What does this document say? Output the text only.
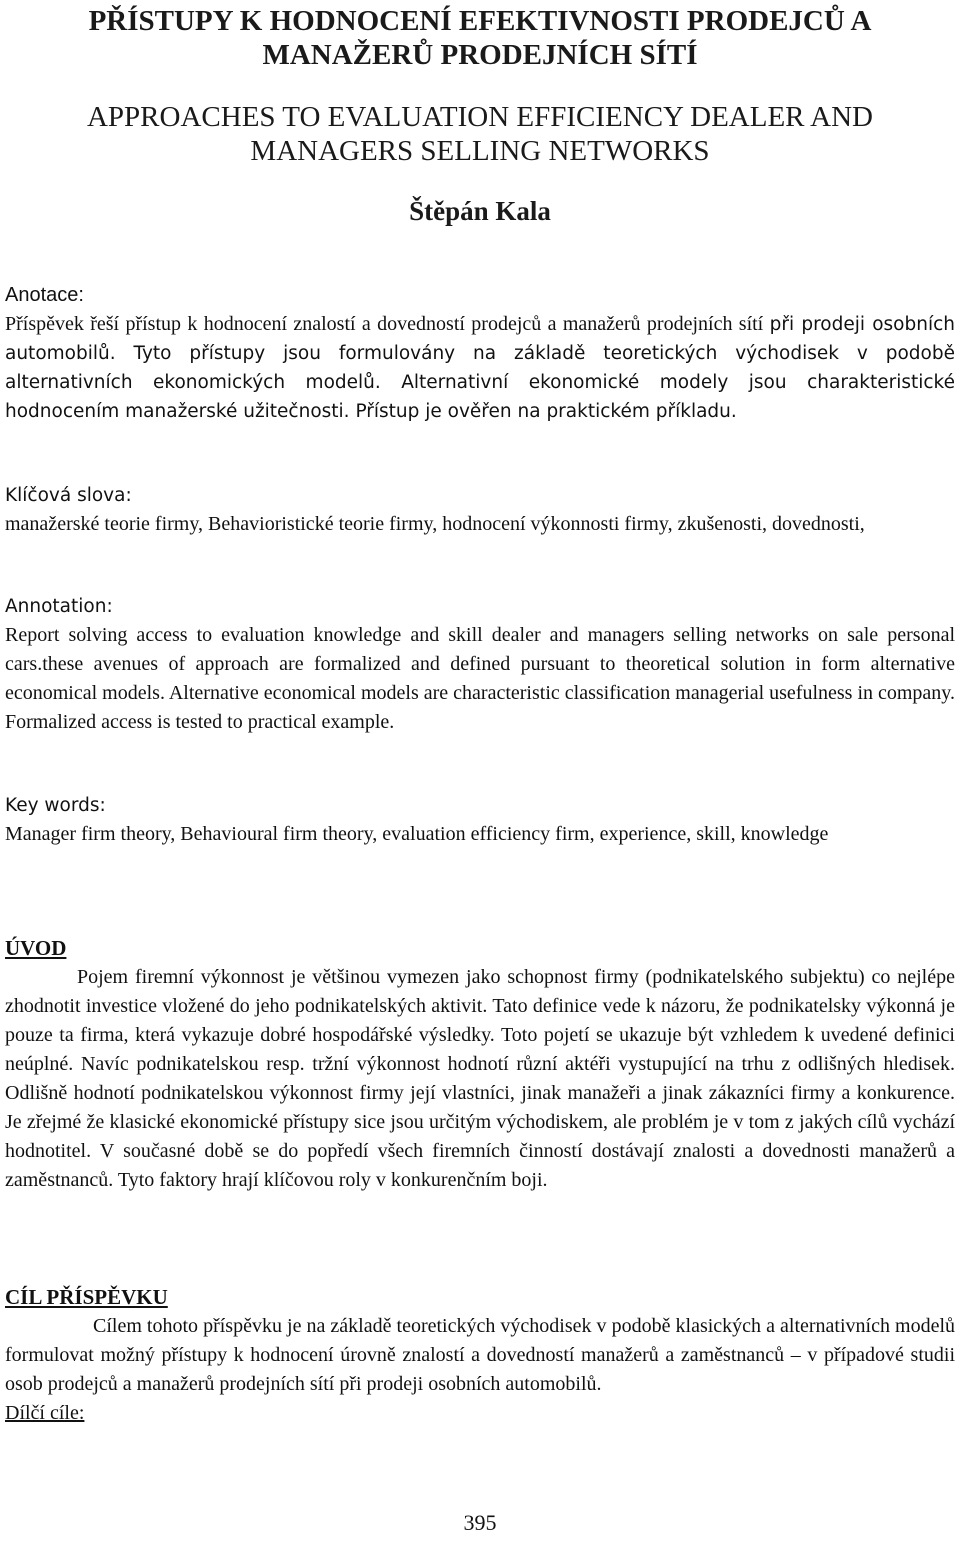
PŘÍSTUPY K HODNOCENÍ EFEKTIVNOSTI PRODEJCŮ A MANAŽERŮ PRODEJNÍCH SÍTÍ
APPROACHES TO EVALUATION EFFICIENCY DEALER AND MANAGERS SELLING NETWORKS
Štěpán Kala
Anotace:
Příspěvek řeší přístup k hodnocení znalostí a dovedností prodejců a manažerů prodejních sítí při prodeji osobních automobilů. Tyto přístupy jsou formulovány na základě teoretických východisek v podobě alternativních ekonomických modelů. Alternativní ekonomické modely jsou charakteristické hodnocením manažerské užitečnosti. Přístup je ověřen na praktickém příkladu.
Klíčová slova:
manažerské teorie firmy, Behavioristické teorie firmy, hodnocení výkonnosti firmy, zkušenosti, dovednosti,
Annotation:
Report solving access to evaluation knowledge and skill dealer and managers selling networks on sale personal cars.these avenues of approach are formalized and defined pursuant to theoretical solution in form alternative economical models. Alternative economical models are characteristic classification managerial usefulness in company. Formalized access is tested to practical example.
Key words:
Manager firm theory, Behavioural firm theory, evaluation efficiency firm, experience, skill, knowledge
ÚVOD
Pojem firemní výkonnost je většinou vymezen jako schopnost firmy (podnikatelského subjektu) co nejlépe zhodnotit investice vložené do jeho podnikatelských aktivit. Tato definice vede k názoru, že podnikatelsky výkonná je pouze ta firma, která vykazuje dobré hospodářské výsledky. Toto pojetí se ukazuje být vzhledem k uvedené definici neúplné. Navíc podnikatelskou resp. tržní výkonnost hodnotí různí aktéři vystupující na trhu z odlišných hledisek. Odlišně hodnotí podnikatelskou výkonnost firmy její vlastníci, jinak manažeři a jinak zákazníci firmy a konkurence. Je zřejmé že klasické ekonomické přístupy sice jsou určitým východiskem, ale problém je v tom z jakých cílů vychází hodnotitel. V současné době se do popředí všech firemních činností dostávají znalosti a dovednosti manažerů a zaměstnanců. Tyto faktory hrají klíčovou roly v konkurenčním boji.
CÍL PŘÍSPĚVKU
Cílem tohoto příspěvku je na základě teoretických východisek v podobě klasických a alternativních modelů formulovat možný přístupy k hodnocení úrovně znalostí a dovedností manažerů a zaměstnanců – v případové studii osob prodejců a manažerů prodejních sítí při prodeji osobních automobilů.
Dílčí cíle:
395
